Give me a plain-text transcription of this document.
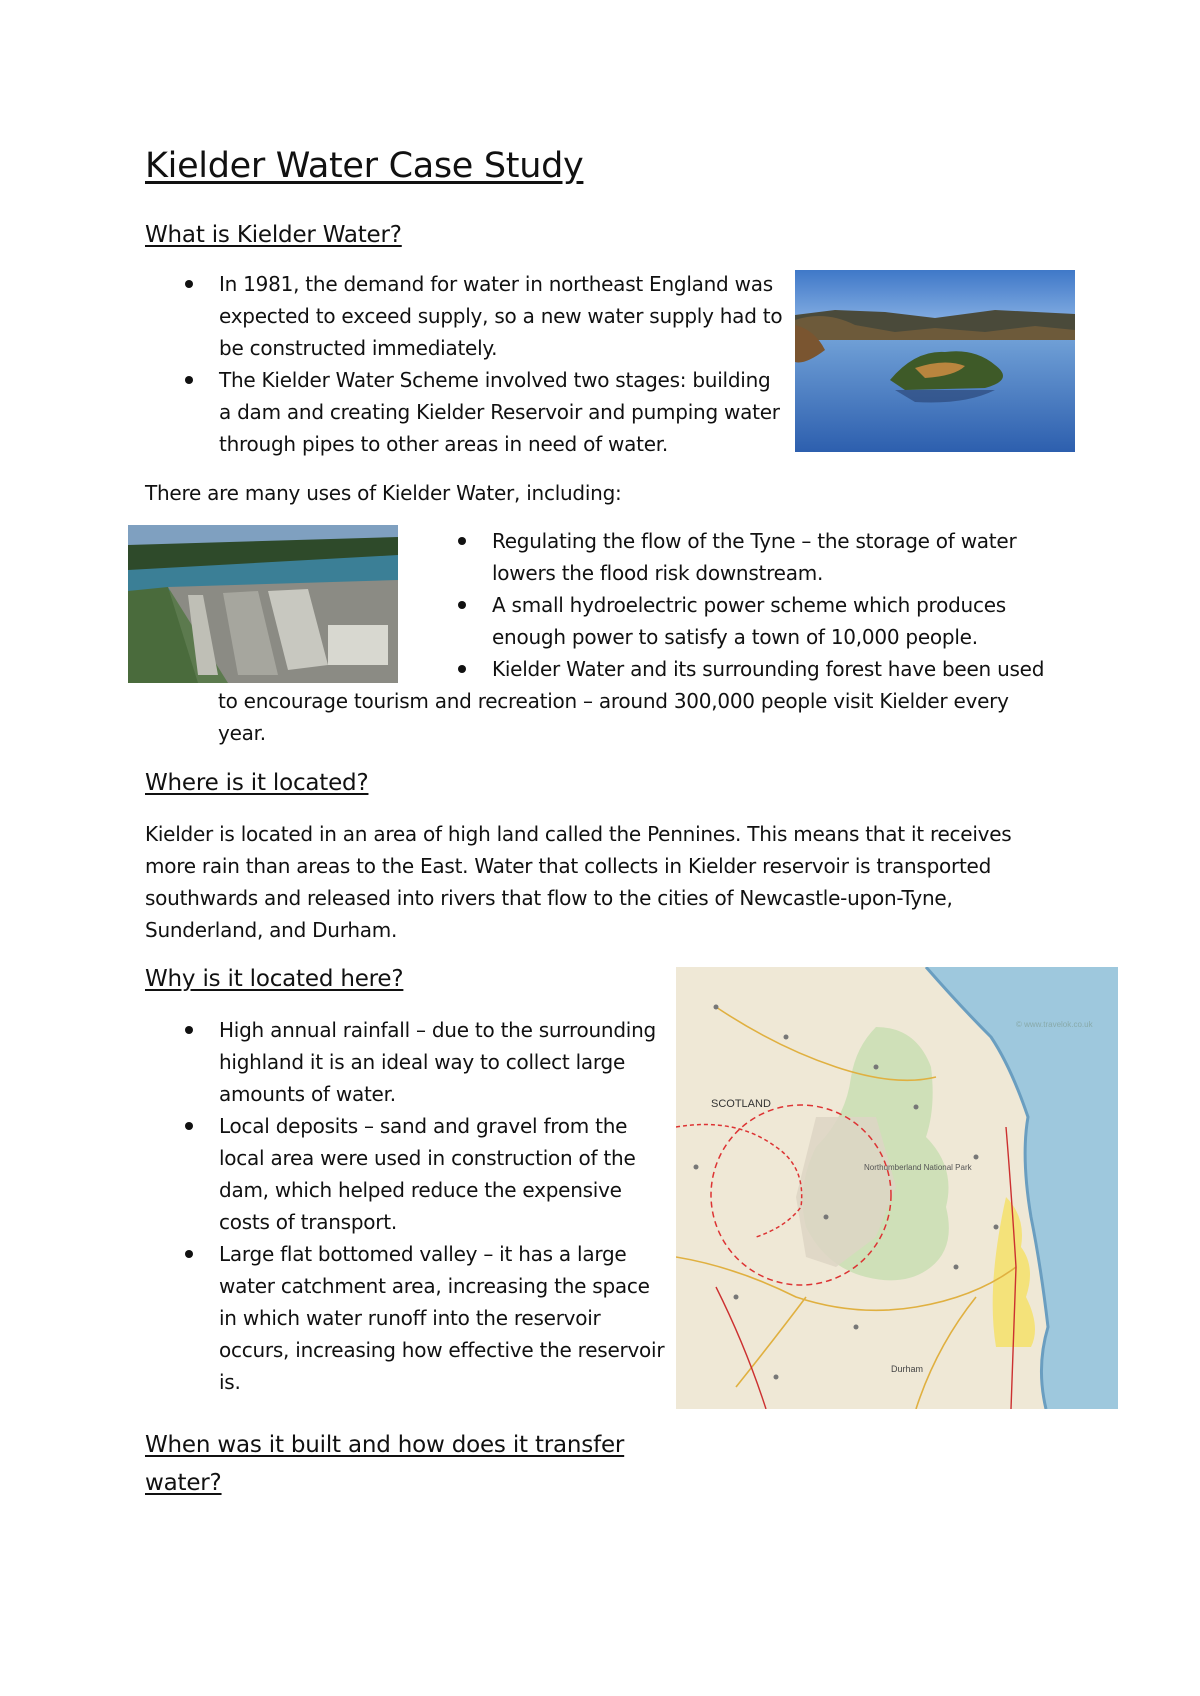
Kielder Water Case Study
What is Kielder Water?
In 1981, the demand for water in northeast England was expected to exceed supply, so a new water supply had to be constructed immediately.
The Kielder Water Scheme involved two stages: building a dam and creating Kielder Reservoir and pumping water through pipes to other areas in need of water.

There are many uses of Kielder Water, including:

Regulating the flow of the Tyne – the storage of water lowers the flood risk downstream.
A small hydroelectric power scheme which produces enough power to satisfy a town of 10,000 people.
Kielder Water and its surrounding forest have been used
to encourage tourism and recreation – around 300,000 people visit Kielder every
year.
Where is it located?

Kielder is located in an area of high land called the Pennines. This means that it receives more rain than areas to the East. Water that collects in Kielder reservoir is transported southwards and released into rivers that flow to the cities of Newcastle-upon-Tyne, Sunderland, and Durham.

Why is it located here?
High annual rainfall – due to the surrounding highland it is an ideal way to collect large amounts of water.
Local deposits – sand and gravel from the local area were used in construction of the dam, which helped reduce the expensive costs of transport.
Large flat bottomed valley – it has a large water catchment area, increasing the space in which water runoff into the reservoir occurs, increasing how effective the reservoir is.
SCOTLAND
Northumberland National Park
Durham
© www.travelok.co.uk
When was it built and how does it transfer water?
